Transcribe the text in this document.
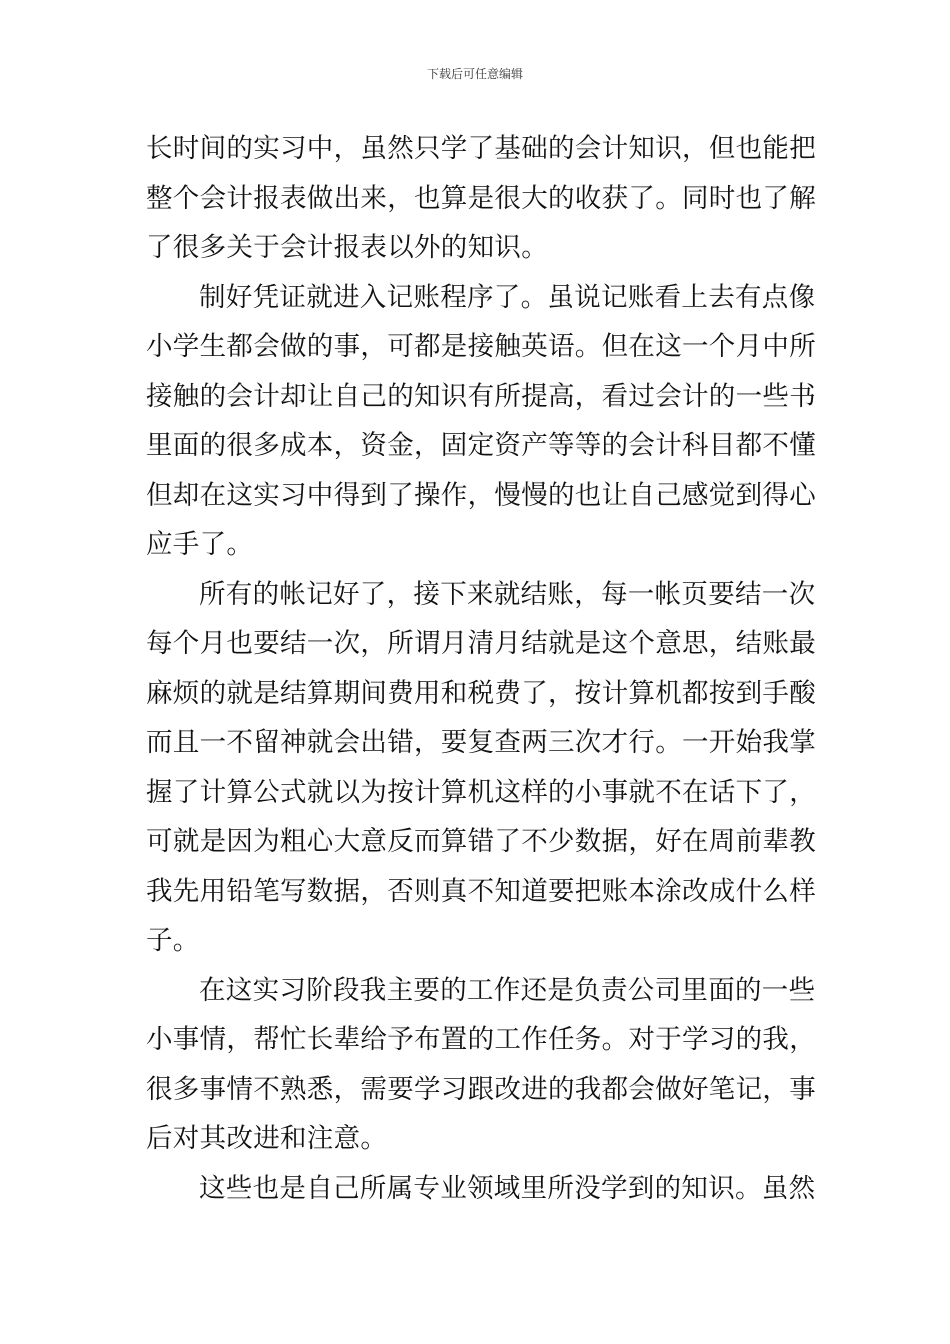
下载后可任意编辑
长时间的实习中，虽然只学了基础的会计知识，但也能把
整个会计报表做出来，也算是很大的收获了。同时也了解
了很多关于会计报表以外的知识。
制好凭证就进入记账程序了。虽说记账看上去有点像
小学生都会做的事，可都是接触英语。但在这一个月中所
接触的会计却让自己的知识有所提高，看过会计的一些书
里面的很多成本，资金，固定资产等等的会计科目都不懂
但却在这实习中得到了操作，慢慢的也让自己感觉到得心
应手了。
所有的帐记好了，接下来就结账，每一帐页要结一次
每个月也要结一次，所谓月清月结就是这个意思，结账最
麻烦的就是结算期间费用和税费了，按计算机都按到手酸
而且一不留神就会出错，要复查两三次才行。一开始我掌
握了计算公式就以为按计算机这样的小事就不在话下了，
可就是因为粗心大意反而算错了不少数据，好在周前辈教
我先用铅笔写数据，否则真不知道要把账本涂改成什么样
子。
在这实习阶段我主要的工作还是负责公司里面的一些
小事情，帮忙长辈给予布置的工作任务。对于学习的我，
很多事情不熟悉，需要学习跟改进的我都会做好笔记，事
后对其改进和注意。
这些也是自己所属专业领域里所没学到的知识。虽然
